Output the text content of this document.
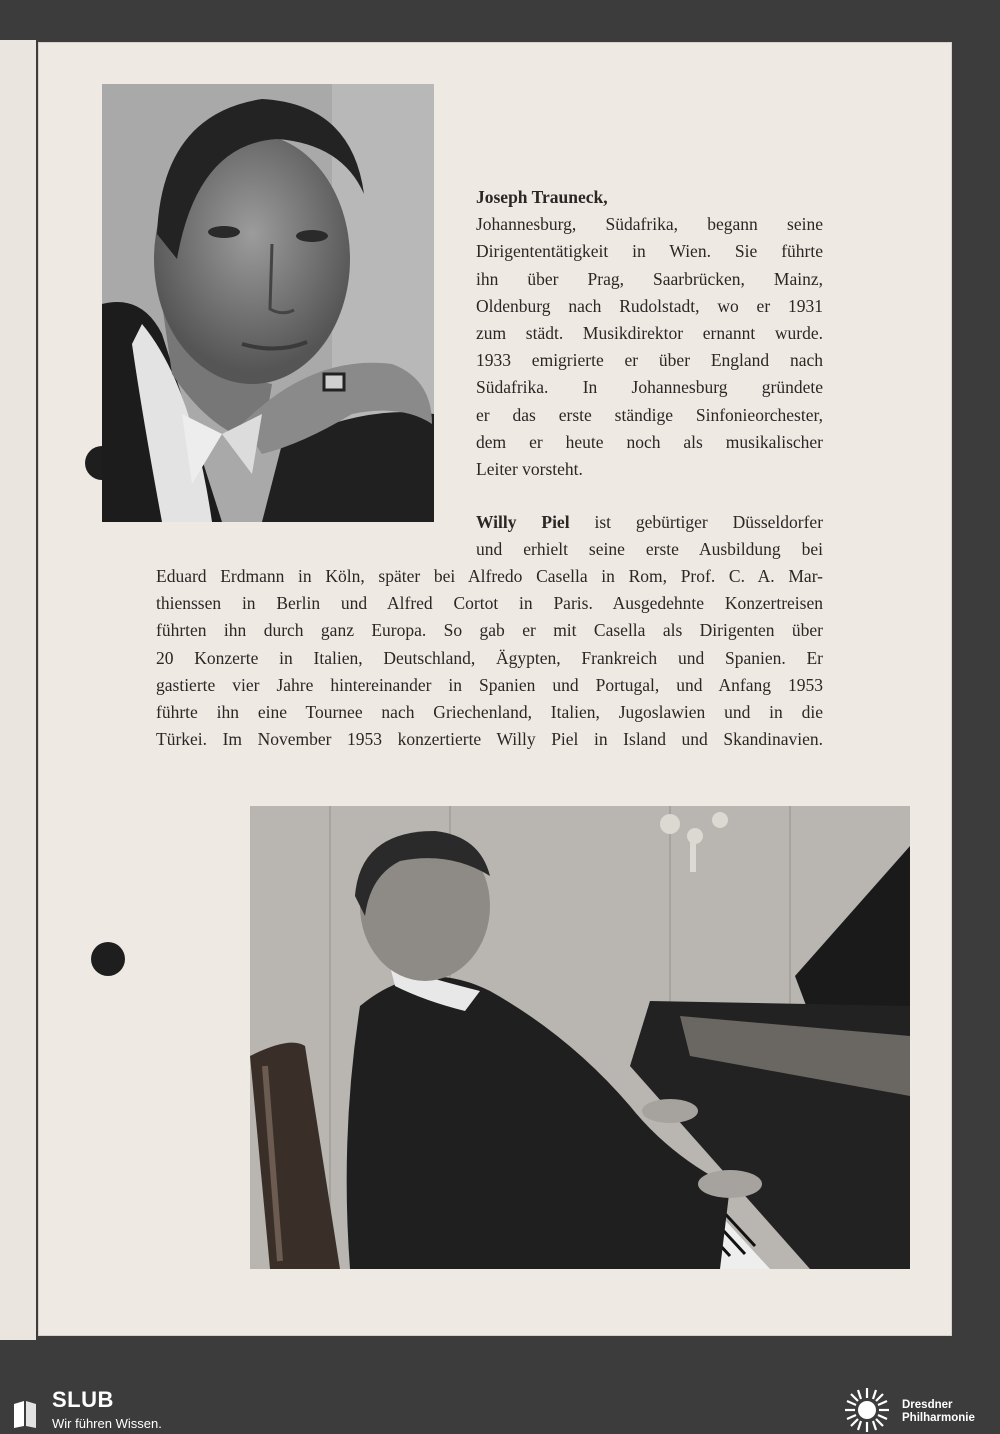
Joseph Trauneck,
Johannesburg, Südafrika, begann seine
Dirigententätigkeit in Wien. Sie führte
ihn über Prag, Saarbrücken, Mainz,
Oldenburg nach Rudolstadt, wo er 1931
zum städt. Musikdirektor ernannt wurde.
1933 emigrierte er über England nach
Südafrika. In Johannesburg gründete
er das erste ständige Sinfonieorchester,
dem er heute noch als musikalischer
Leiter vorsteht.
Willy Piel ist gebürtiger Düsseldorfer
und erhielt seine erste Ausbildung bei
Eduard Erdmann in Köln, später bei Alfredo Casella in Rom, Prof. C. A. Mar-
thienssen in Berlin und Alfred Cortot in Paris. Ausgedehnte Konzertreisen
führten ihn durch ganz Europa. So gab er mit Casella als Dirigenten über
20 Konzerte in Italien, Deutschland, Ägypten, Frankreich und Spanien. Er
gastierte vier Jahre hintereinander in Spanien und Portugal, und Anfang 1953
führte ihn eine Tournee nach Griechenland, Italien, Jugoslawien und in die
Türkei. Im November 1953 konzertierte Willy Piel in Island und Skandinavien.
SLUB
Wir führen Wissen.
Dresdner
Philharmonie
